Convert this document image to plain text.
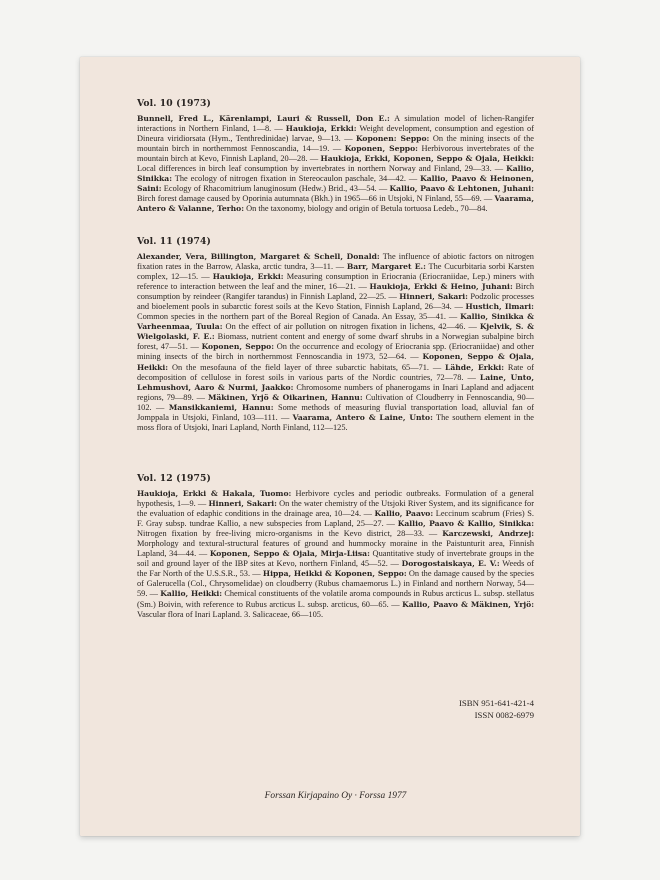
Vol. 10 (1973)

Bunnell, Fred L., Kärenlampi, Lauri & Russell, Don E.: A simulation model of lichen-Rangifer interactions in Northern Finland, 1—8. — Haukioja, Erkki: Weight development, consumption and egestion of Dineura viridiorsata (Hym., Tenthredinidae) larvae, 9—13. — Koponen: Seppo: On the mining insects of the mountain birch in northernmost Fennoscandia, 14—19. — Koponen, Seppo: Herbivorous invertebrates of the mountain birch at Kevo, Finnish Lapland, 20—28. — Haukioja, Erkki, Koponen, Seppo & Ojala, Heikki: Local differences in birch leaf consumption by invertebrates in northern Norway and Finland, 29—33. — Kallio, Sinikka: The ecology of nitrogen fixation in Stereocaulon paschale, 34—42. — Kallio, Paavo & Heinonen, Saini: Ecology of Rhacomitrium lanuginosum (Hedw.) Brid., 43—54. — Kallio, Paavo & Lehtonen, Juhani: Birch forest damage caused by Oporinia autumnata (Bkh.) in 1965—66 in Utsjoki, N Finland, 55—69. — Vaarama, Antero & Valanne, Terho: On the taxonomy, biology and origin of Betula tortuosa Ledeb., 70—84.

Vol. 11 (1974)

Alexander, Vera, Billington, Margaret & Schell, Donald: The influence of abiotic factors on nitrogen fixation rates in the Barrow, Alaska, arctic tundra, 3—11. — Barr, Margaret E.: The Cucurbitaria sorbi Karsten complex, 12—15. — Haukioja, Erkki: Measuring consumption in Eriocrania (Eriocraniidae, Lep.) miners with reference to interaction between the leaf and the miner, 16—21. — Haukioja, Erkki & Heino, Juhani: Birch consumption by reindeer (Rangifer tarandus) in Finnish Lapland, 22—25. — Hinneri, Sakari: Podzolic processes and bioelement pools in subarctic forest soils at the Kevo Station, Finnish Lapland, 26—34. — Hustich, Ilmari: Common species in the northern part of the Boreal Region of Canada. An Essay, 35—41. — Kallio, Sinikka & Varheenmaa, Tuula: On the effect of air pollution on nitrogen fixation in lichens, 42—46. — Kjelvik, S. & Wielgolaski, F. E.: Biomass, nutrient content and energy of some dwarf shrubs in a Norwegian subalpine birch forest, 47—51. — Koponen, Seppo: On the occurrence and ecology of Eriocrania spp. (Eriocraniidae) and other mining insects of the birch in northernmost Fennoscandia in 1973, 52—64. — Koponen, Seppo & Ojala, Heikki: On the mesofauna of the field layer of three subarctic habitats, 65—71. — Lähde, Erkki: Rate of decomposition of cellulose in forest soils in various parts of the Nordic countries, 72—78. — Laine, Unto, Lehmushovi, Aaro & Nurmi, Jaakko: Chromosome numbers of phanerogams in Inari Lapland and adjacent regions, 79—89. — Mäkinen, Yrjö & Oikarinen, Hannu: Cultivation of Cloudberry in Fennoscandia, 90—102. — Mansikkaniemi, Hannu: Some methods of measuring fluvial transportation load, alluvial fan of Jomppala in Utsjoki, Finland, 103—111. — Vaarama, Antero & Laine, Unto: The southern element in the moss flora of Utsjoki, Inari Lapland, North Finland, 112—125.

Vol. 12 (1975)

Haukioja, Erkki & Hakala, Tuomo: Herbivore cycles and periodic outbreaks. Formulation of a general hypothesis, 1—9. — Hinneri, Sakari: On the water chemistry of the Utsjoki River System, and its significance for the evaluation of edaphic conditions in the drainage area, 10—24. — Kallio, Paavo: Leccinum scabrum (Fries) S. F. Gray subsp. tundrae Kallio, a new subspecies from Lapland, 25—27. — Kallio, Paavo & Kallio, Sinikka: Nitrogen fixation by free-living micro-organisms in the Kevo district, 28—33. — Karczewski, Andrzej: Morphology and textural-structural features of ground and hummocky moraine in the Paistunturit area, Finnish Lapland, 34—44. — Koponen, Seppo & Ojala, Mirja-Liisa: Quantitative study of invertebrate groups in the soil and ground layer of the IBP sites at Kevo, northern Finland, 45—52. — Dorogostaiskaya, E. V.: Weeds of the Far North of the U.S.S.R., 53. — Hippa, Heikki & Koponen, Seppo: On the damage caused by the species of Galerucella (Col., Chrysomelidae) on cloudberry (Rubus chamaemorus L.) in Finland and northern Norway, 54—59. — Kallio, Heikki: Chemical constituents of the volatile aroma compounds in Rubus arcticus L. subsp. stellatus (Sm.) Boivin, with reference to Rubus arcticus L. subsp. arcticus, 60—65. — Kallio, Paavo & Mäkinen, Yrjö: Vascular flora of Inari Lapland. 3. Salicaceae, 66—105.

ISBN 951-641-421-4
ISSN 0082-6979
Forssan Kirjapaino Oy · Forssa 1977
